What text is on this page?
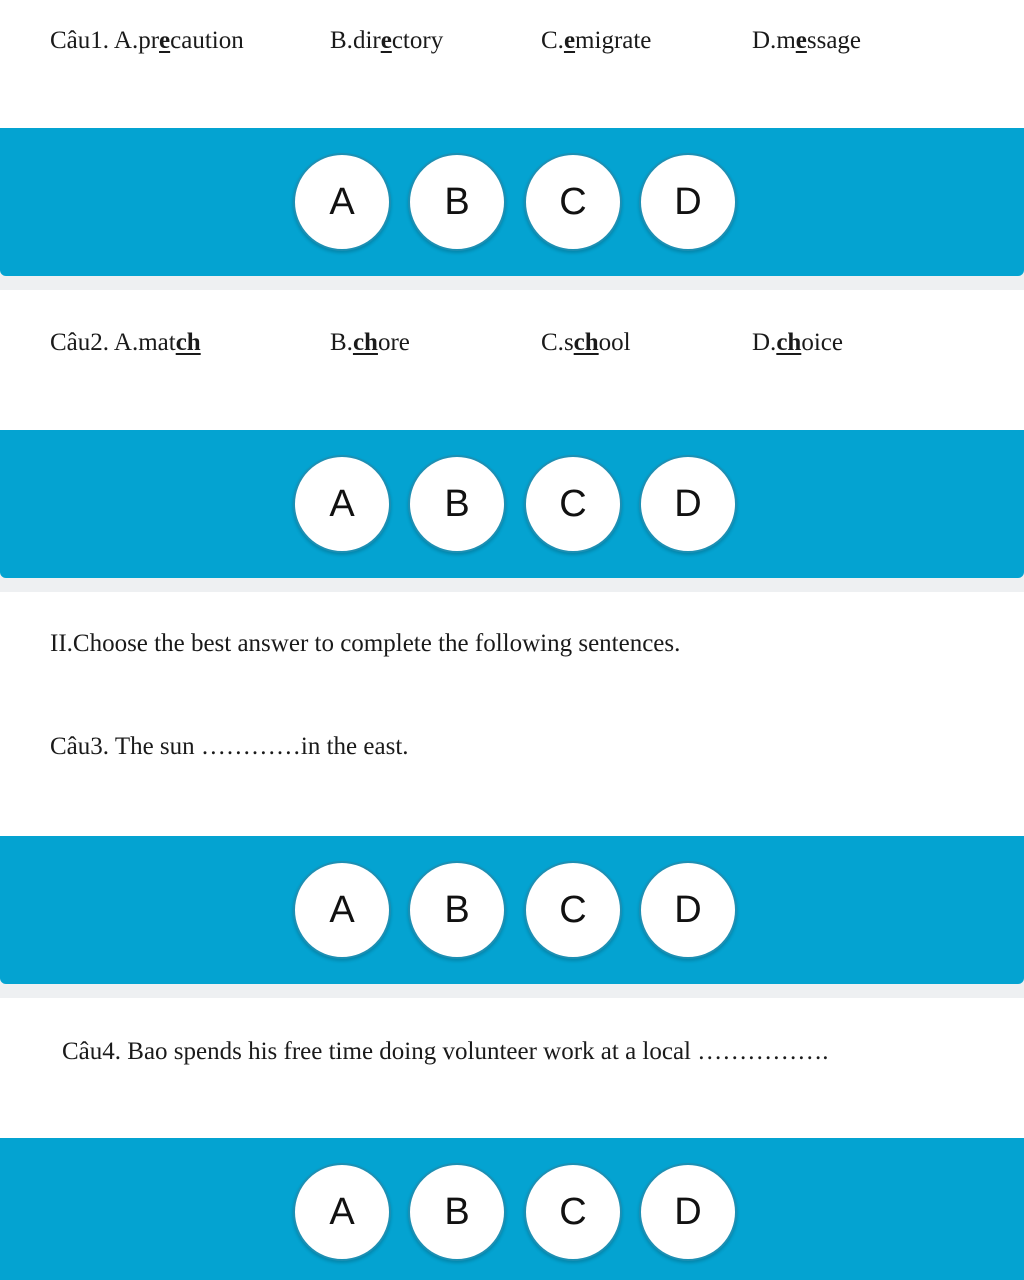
Câu1. A.precaution	B.directory	C.emigrate	D.message
A	B	C	D
Câu2. A.match	B.chore	C.school	D.choice
A	B	C	D
II.Choose the best answer to complete the following sentences.
Câu3. The sun …………in the east.
A	B	C	D
Câu4. Bao spends his free time doing volunteer work at a local …………….
A	B	C	D
